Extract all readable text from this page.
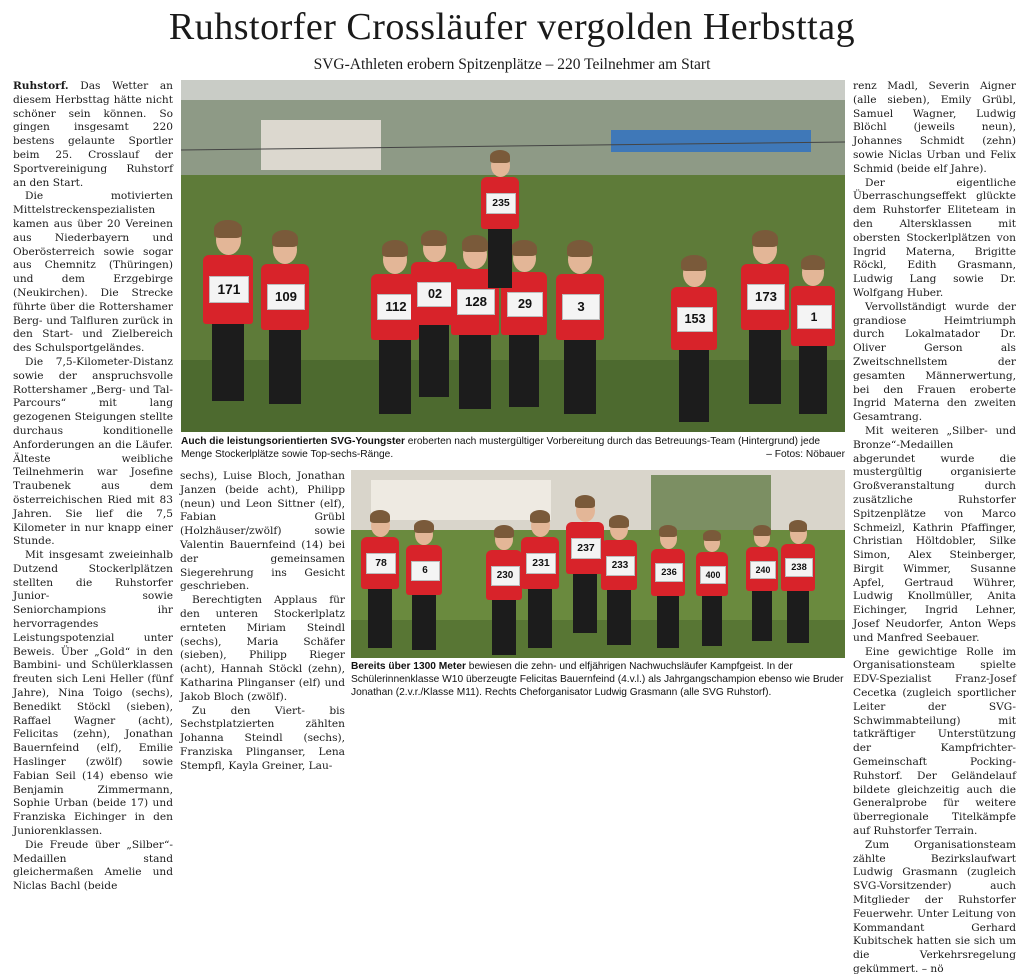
Ruhstorfer Crossläufer vergolden Herbsttag
SVG-Athleten erobern Spitzenplätze – 220 Teilnehmer am Start

Ruhstorf. Das Wetter an diesem Herbsttag hätte nicht schöner sein können. So gingen insgesamt 220 bestens gelaunte Sportler beim 25. Crosslauf der Sportvereinigung Ruhstorf an den Start.

Die motivierten Mittelstreckenspezialisten kamen aus über 20 Vereinen aus Niederbayern und Oberösterreich sowie sogar aus Chemnitz (Thüringen) und dem Erzgebirge (Neukirchen). Die Strecke führte über die Rottershamer Berg- und Talfluren zurück in den Start- und Zielbereich des Schulsportgeländes.

Die 7,5-Kilometer-Distanz sowie der anspruchsvolle Rottershamer „Berg- und Tal-Parcours“ mit lang gezogenen Steigungen stellte durchaus konditionelle Anforderungen an die Läufer. Älteste weibliche Teilnehmerin war Josefine Traubenek aus dem österreichischen Ried mit 83 Jahren. Sie lief die 7,5 Kilometer in nur knapp einer Stunde.

Mit insgesamt zweieinhalb Dutzend Stockerlplätzen stellten die Ruhstorfer Junior- sowie Seniorchampions ihr hervorragendes Leistungspotenzial unter Beweis. Über „Gold“ in den Bambini- und Schülerklassen freuten sich Leni Heller (fünf Jahre), Nina Toigo (sechs), Benedikt Stöckl (sieben), Raffael Wagner (acht), Felicitas (zehn), Jonathan Bauernfeind (elf), Emilie Haslinger (zwölf) sowie Fabian Seil (14) ebenso wie Benjamin Zimmermann, Sophie Urban (beide 17) und Franziska Eichinger in den Juniorenklassen.

Die Freude über „Silber“-Medaillen stand gleichermaßen Amelie und Niclas Bachl (beide

171	109
112
02
128	29	3
153
173
1
235
Auch die leistungsorientierten SVG-Youngster eroberten nach mustergültiger Vorbereitung durch das Betreuungs-Team (Hintergrund) jede Menge Stockerlplätze sowie Top-sechs-Ränge.	– Fotos: Nöbauer

sechs), Luise Bloch, Jonathan Janzen (beide acht), Philipp (neun) und Leon Sittner (elf), Fabian Grübl (Holzhäuser/zwölf) sowie Valentin Bauernfeind (14) bei der gemeinsamen Siegerehrung ins Gesicht geschrieben.

Berechtigten Applaus für den unteren Stockerlplatz ernteten Miriam Steindl (sechs), Maria Schäfer (sieben), Philipp Rieger (acht), Hannah Stöckl (zehn), Katharina Plinganser (elf) und Jakob Bloch (zwölf).

Zu den Viert- bis Sechstplatzierten zählten Johanna Steindl (sechs), Franziska Plinganser, Lena Stempfl, Kayla Greiner, Lau-

78
6	230
231
237
233
236	400	240	238
Bereits über 1300 Meter bewiesen die zehn- und elfjährigen Nachwuchsläufer Kampfgeist. In der Schülerinnenklasse W10 überzeugte Felicitas Bauernfeind (4.v.l.) als Jahrgangschampion ebenso wie Bruder Jonathan (2.v.r./Klasse M11). Rechts Cheforganisator Ludwig Grasmann (alle SVG Ruhstorf).

renz Madl, Severin Aigner (alle sieben), Emily Grübl, Samuel Wagner, Ludwig Blöchl (jeweils neun), Johannes Schmidt (zehn) sowie Niclas Urban und Felix Schmid (beide elf Jahre).

Der eigentliche Überraschungseffekt glückte dem Ruhstorfer Eliteteam in den Altersklassen mit obersten Stockerlplätzen von Ingrid Materna, Brigitte Röckl, Edith Grasmann, Ludwig Lang sowie Dr. Wolfgang Huber.

Vervollständigt wurde der grandiose Heimtriumph durch Lokalmatador Dr. Oliver Gerson als Zweitschnellstem der gesamten Männerwertung, bei den Frauen eroberte Ingrid Materna den zweiten Gesamtrang.

Mit weiteren „Silber- und Bronze“-Medaillen abgerundet wurde die mustergültig organisierte Großveranstaltung durch zusätzliche Ruhstorfer Spitzenplätze von Marco Schmeizl, Kathrin Pfaffinger, Christian Höltdobler, Silke Simon, Alex Steinberger, Birgit Wimmer, Susanne Apfel, Gertraud Wührer, Ludwig Knollmüller, Anita Eichinger, Ingrid Lehner, Josef Neudorfer, Anton Weps und Manfred Seebauer.

Eine gewichtige Rolle im Organisationsteam spielte EDV-Spezialist Franz-Josef Cecetka (zugleich sportlicher Leiter der SVG-Schwimmabteilung) mit tatkräftiger Unterstützung der Kampfrichter-Gemeinschaft Pocking-Ruhstorf. Der Geländelauf bildete gleichzeitig auch die Generalprobe für weitere überregionale Titelkämpfe auf Ruhstorfer Terrain.

Zum Organisationsteam zählte Bezirkslaufwart Ludwig Grasmann (zugleich SVG-Vorsitzender) auch Mitglieder der Ruhstorfer Feuerwehr. Unter Leitung von Kommandant Gerhard Kubitschek hatten sie sich um die Verkehrsregelung gekümmert. – nö
